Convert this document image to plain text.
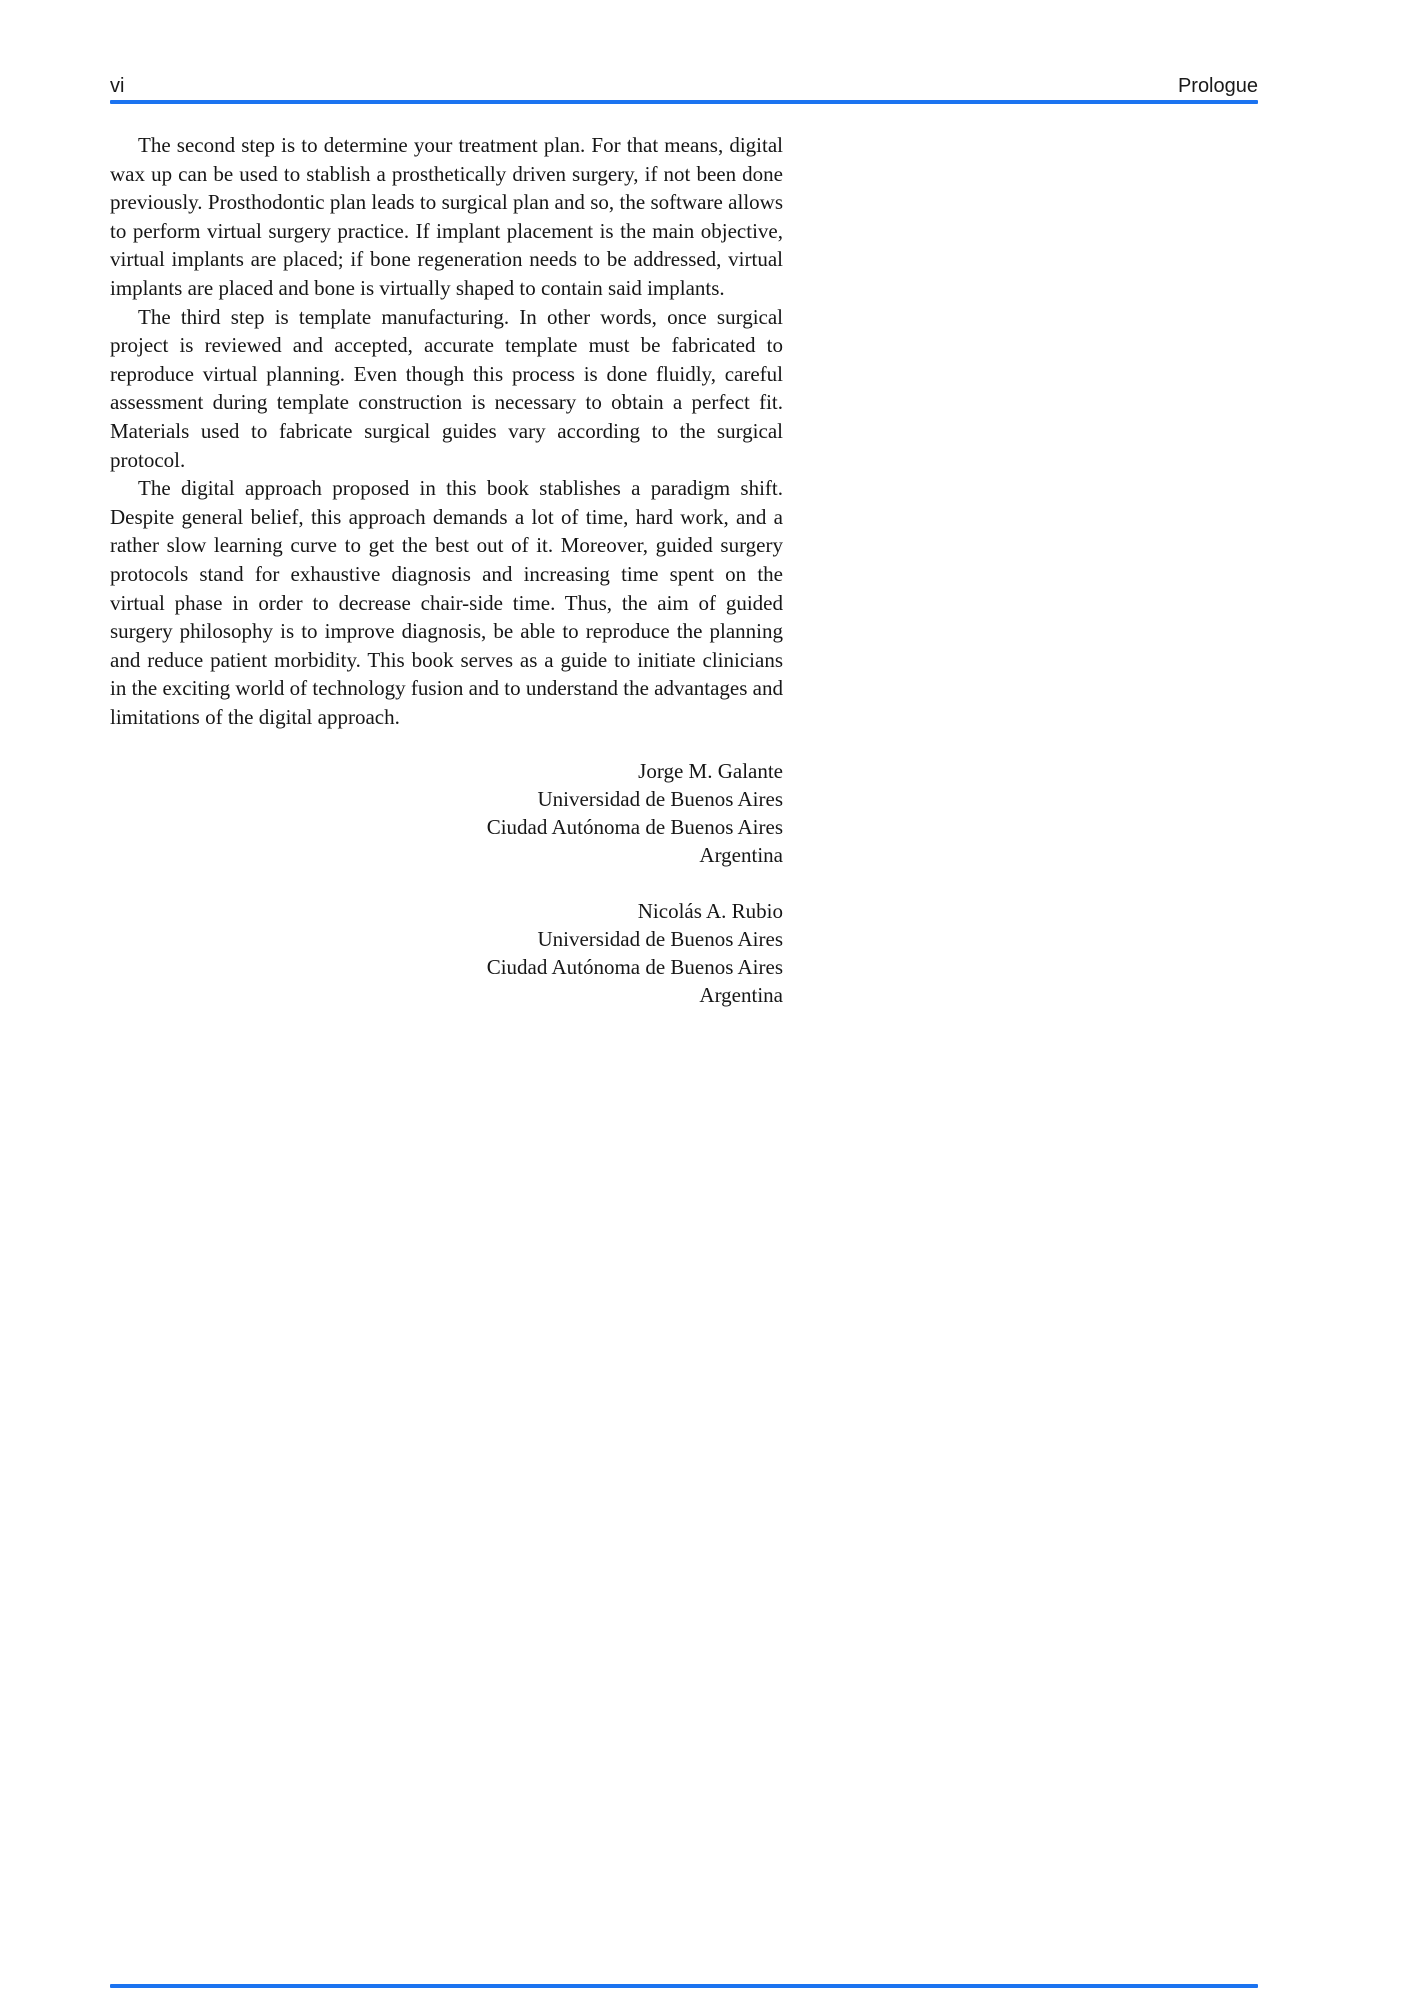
vi	Prologue

The second step is to determine your treatment plan. For that means, digital wax up can be used to stablish a prosthetically driven surgery, if not been done previously. Prosthodontic plan leads to surgical plan and so, the software allows to perform virtual surgery practice. If implant placement is the main objective, virtual implants are placed; if bone regeneration needs to be addressed, virtual implants are placed and bone is virtually shaped to contain said implants.

The third step is template manufacturing. In other words, once surgical project is reviewed and accepted, accurate template must be fabricated to reproduce virtual planning. Even though this process is done fluidly, careful assessment during template construction is necessary to obtain a perfect fit. Materials used to fabricate surgical guides vary according to the surgical protocol.

The digital approach proposed in this book stablishes a paradigm shift. Despite general belief, this approach demands a lot of time, hard work, and a rather slow learning curve to get the best out of it. Moreover, guided surgery protocols stand for exhaustive diagnosis and increasing time spent on the virtual phase in order to decrease chair-side time. Thus, the aim of guided surgery philosophy is to improve diagnosis, be able to reproduce the planning and reduce patient morbidity. This book serves as a guide to initiate clinicians in the exciting world of technology fusion and to understand the advantages and limitations of the digital approach.

Jorge M. Galante
Universidad de Buenos Aires
Ciudad Autónoma de Buenos Aires
Argentina
Nicolás A. Rubio
Universidad de Buenos Aires
Ciudad Autónoma de Buenos Aires
Argentina
